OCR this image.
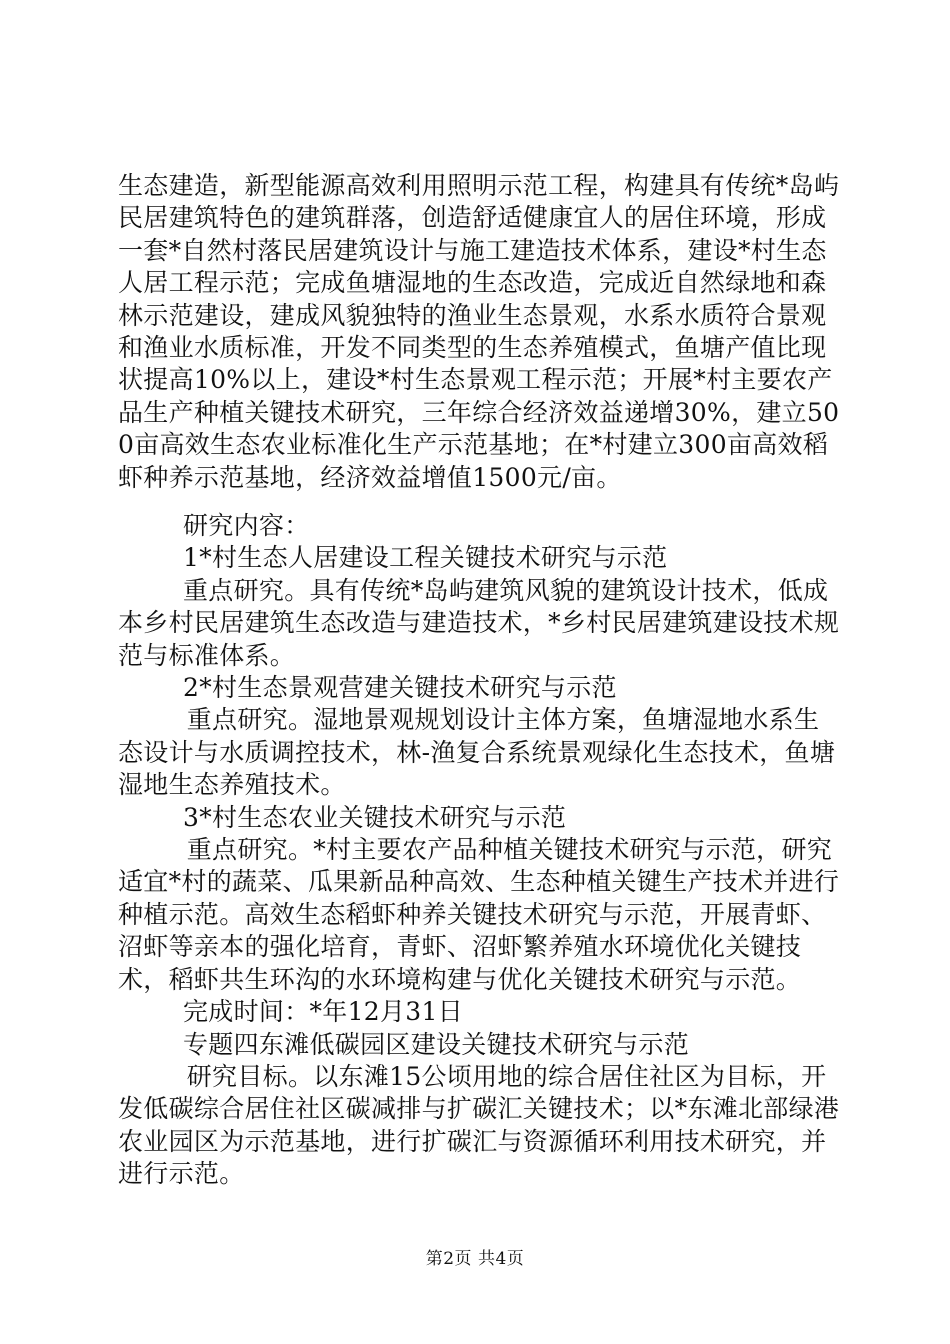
生态建造，新型能源高效利用照明示范工程，构建具有传统*岛屿民居建筑特色的建筑群落，创造舒适健康宜人的居住环境，形成一套*自然村落民居建筑设计与施工建造技术体系，建设*村生态人居工程示范；完成鱼塘湿地的生态改造，完成近自然绿地和森林示范建设，建成风貌独特的渔业生态景观，水系水质符合景观和渔业水质标准，开发不同类型的生态养殖模式，鱼塘产值比现状提高10%以上，建设*村生态景观工程示范；开展*村主要农产品生产种植关键技术研究，三年综合经济效益递增30%，建立500亩高效生态农业标准化生产示范基地；在*村建立300亩高效稻虾种养示范基地，经济效益增值1500元/亩。

研究内容：

1*村生态人居建设工程关键技术研究与示范

重点研究。具有传统*岛屿建筑风貌的建筑设计技术，低成本乡村民居建筑生态改造与建造技术，*乡村民居建筑建设技术规范与标准体系。

2*村生态景观营建关键技术研究与示范

重点研究。湿地景观规划设计主体方案，鱼塘湿地水系生态设计与水质调控技术，林-渔复合系统景观绿化生态技术，鱼塘湿地生态养殖技术。

3*村生态农业关键技术研究与示范

重点研究。*村主要农产品种植关键技术研究与示范，研究适宜*村的蔬菜、瓜果新品种高效、生态种植关键生产技术并进行种植示范。高效生态稻虾种养关键技术研究与示范，开展青虾、沼虾等亲本的强化培育，青虾、沼虾繁养殖水环境优化关键技术，稻虾共生环沟的水环境构建与优化关键技术研究与示范。

完成时间：*年12月31日

专题四东滩低碳园区建设关键技术研究与示范

研究目标。以东滩15公顷用地的综合居住社区为目标，开发低碳综合居住社区碳减排与扩碳汇关键技术；以*东滩北部绿港农业园区为示范基地，进行扩碳汇与资源循环利用技术研究，并进行示范。

第2页 共4页
